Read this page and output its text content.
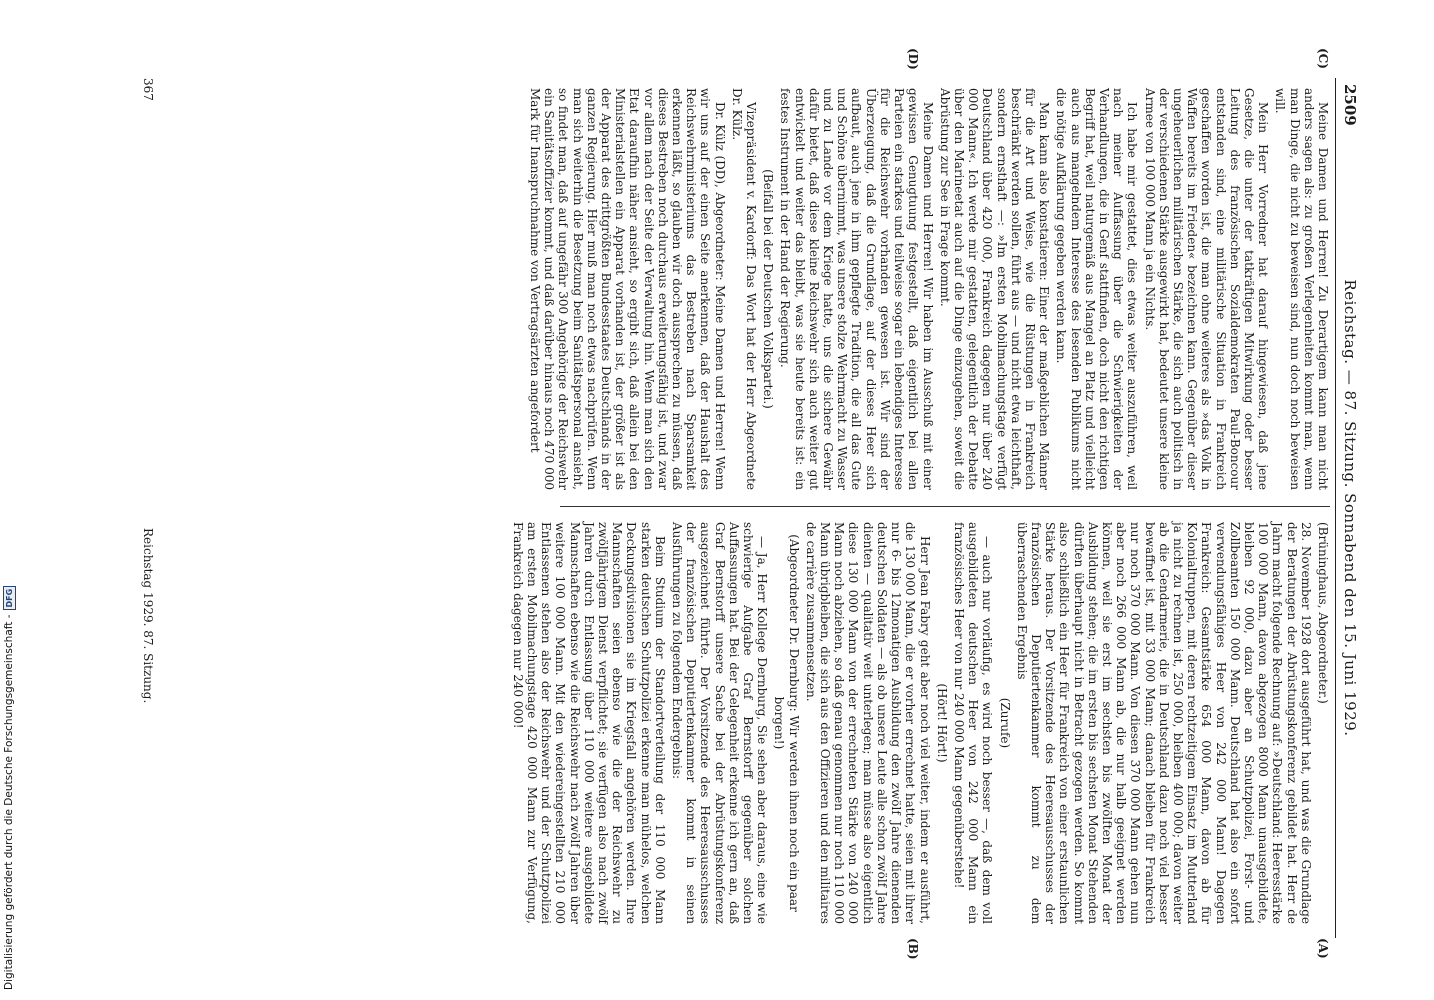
Digitalisierung gefördert durch die Deutsche Forschungsgemeinschaft -
DFG
2509
Reichstag. — 87. Sitzung. Sonnabend den 15. Juni 1929.
(A)
(B)
(C)
(D)

Meine Damen und Herren! Zu Derartigem kann man nicht anders sagen als: zu großen Verlegenheiten kommt man, wenn man Dinge, die nicht zu beweisen sind, nun doch noch beweisen will.

Mein Herr Vorredner hat darauf hingewiesen, daß jene Gesetze, die unter der tatkräftigen Mitwirkung oder besser Leitung des französischen Sozialdemokraten Paul-Boncour entstanden sind, eine militärische Situation in Frankreich geschaffen worden ist, die man ohne weiteres als »das Volk in Waffen bereits im Frieden« bezeichnen kann. Gegenüber dieser ungeheuerlichen militärischen Stärke, die sich auch politisch in der verschiedenen Stärke ausgewirkt hat, bedeutet unsere kleine Armee von 100 000 Mann ja ein Nichts.

Ich habe mir gestattet, dies etwas weiter auszuführen, weil nach meiner Auffassung über die Schwierigkeiten der Verhandlungen, die in Genf stattfinden, doch nicht den richtigen Begriff hat, weil naturgemäß aus Mangel an Platz und vielleicht auch aus mangelndem Interesse des lesenden Publikums nicht die nötige Aufklärung gegeben werden kann.

Man kann also konstatieren: Einer der maßgeblichen Männer für die Art und Weise, wie die Rüstungen in Frankreich beschränkt werden sollen, führt aus — und nicht etwa leichthaft, sondern ernsthaft —: »Im ersten Mobilmachungstage verfügt Deutschland über 420 000, Frankreich dagegen nur über 240 000 Mann«. Ich werde mir gestatten, gelegentlich der Debatte über den Marineetat auch auf die Dinge einzugehen, soweit die Abrüstung zur See in Frage kommt.

Meine Damen und Herren! Wir haben im Ausschuß mit einer gewissen Genugtuung festgestellt, daß eigentlich bei allen Parteien ein starkes und teilweise sogar ein lebendiges Interesse für die Reichswehr vorhanden gewesen ist. Wir sind der Überzeugung, daß die Grundlage, auf der dieses Heer sich aufbaut, auch jene in ihm gepflegte Tradition, die all das Gute und Schöne übernimmt, was unsere stolze Wehrmacht zu Wasser und zu Lande vor dem Kriege hatte, uns die sichere Gewähr dafür bietet, daß diese kleine Reichswehr sich auch weiter gut entwickelt und weiter das bleibt, was sie heute bereits ist: ein festes Instrument in der Hand der Regierung.

(Beifall bei der Deutschen Volkspartei.)

Vizepräsident v. Kardorff: Das Wort hat der Herr Abgeordnete Dr. Külz.

Dr. Külz (DD), Abgeordneter: Meine Damen und Herren! Wenn wir uns auf der einen Seite anerkennen, daß der Haushalt des Reichswehrministeriums das Bestreben nach Sparsamkeit erkennen läßt, so glauben wir doch aussprechen zu müssen, daß dieses Bestreben noch durchaus erweiterungsfähig ist, und zwar vor allem nach der Seite der Verwaltung hin. Wenn man sich den Etat daraufhin näher ansieht, so ergibt sich, daß allein bei den Ministerialstellen ein Apparat vorhanden ist, der größer ist als der Apparat des drittgrößten Bundesstaates Deutschlands in der ganzen Regierung. Hier muß man noch etwas nachprüfen. Wenn man sich weiterhin die Besetzung beim Sanitätspersonal ansieht, so findet man, daß auf ungefähr 300 Angehörige der Reichswehr ein Sanitätsoffizier kommt, und daß darüber hinaus noch 470 000 Mark für Inanspruchnahme von Vertragsärzten angefordert

(Brüninghaus, Abgeordneter.)

28. November 1928 dort ausgeführt hat, und was die Grundlage der Beratungen der Abrüstungskonferenz gebildet hat. Herr de Jahrn macht folgende Rechnung auf: »Deutschland: Heeresstärke 100 000 Mann, davon abgezogen 8000 Mann unausgebildete, bleiben 92 000, dazu aber an Schutzpolizei, Forst- und Zollbeamten 150 000 Mann. Deutschland hat also ein sofort verwendungsfähiges Heer von 242 000 Mann! Dagegen Frankreich: Gesamtstärke 654 000 Mann, davon ab für Kolonialtruppen, mit deren rechtzeitigem Einsatz im Mutterland ja nicht zu rechnen ist, 250 000, bleiben 400 000; davon weiter ab die Gendarmerie, die in Deutschland dazu noch viel besser bewaffnet ist, mit 33 000 Mann; danach bleiben für Frankreich nur noch 370 000 Mann. Von diesen 370 000 Mann gehen nun aber noch 266 000 Mann ab, die nur halb geeignet werden können, weil sie erst im sechsten bis zwölften Monat der Ausbildung stehen; die im ersten bis sechsten Monat Stehenden dürften überhaupt nicht in Betracht gezogen werden. So kommt also schließlich ein Heer für Frankreich von einer erstaunlichen Stärke heraus. Der Vorsitzende des Heeresausschusses der französischen Deputiertenkammer kommt zu dem überraschenden Ergebnis

(Zurufe)

— auch nur vorläufig, es wird noch besser —, daß dem voll ausgebildeten deutschen Heer von 242 000 Mann ein französisches Heer von nur 240 000 Mann gegenüberstehe!

(Hört! Hört!)

Herr Jean Fabry geht aber noch viel weiter, indem er ausführt, die 130 000 Mann, die er vorher errechnet hatte, seien mit ihrer nur 6- bis 12monatigen Ausbildung den zwölf Jahre dienenden deutschen Soldaten — als ob unsere Leute alle schon zwölf Jahre dienten — qualitativ weit unterlegen; man müsse also eigentlich diese 130 000 Mann von der errechneten Stärke von 240 000 Mann noch abziehen, so daß genau genommen nur noch 110 000 Mann übrigbleiben, die sich aus den Offizieren und den militaires de carrière zusammensetzen.

(Abgeordneter Dr. Dernburg: Wir werden ihnen noch ein paar borgen!)

— Ja, Herr Kollege Dernburg, Sie sehen aber daraus, eine wie schwierige Aufgabe Graf Bernstorff gegenüber solchen Auffassungen hat. Bei der Gelegenheit erkenne ich gern an, daß Graf Bernstorff unsere Sache bei der Abrüstungskonferenz ausgezeichnet führte. Der Vorsitzende des Heeresausschusses der französischen Deputiertenkammer kommt in seinen Ausführungen zu folgendem Endergebnis:

Beim Studium der Standortverteilung der 110 000 Mann starken deutschen Schutzpolizei erkenne man mühelos, welchen Deckungsdivisionen sie im Kriegsfall angehören werden. Ihre Mannschaften seien ebenso wie die der Reichswehr zu zwölfjährigem Dienst verpflichtet; sie verfügen also nach zwölf Jahren durch Entlassung über 110 000 weitere ausgebildete Mannschaften ebenso wie die Reichswehr nach zwölf Jahren über weitere 100 000 Mann. Mit den wiedereingestellten 210 000 Entlassenen stehen also der Reichswehr und der Schutzpolizei am ersten Mobilmachungstage 420 000 Mann zur Verfügung, Frankreich dagegen nur 240 000!

Reichstag 1929. 87. Sitzung.
367
